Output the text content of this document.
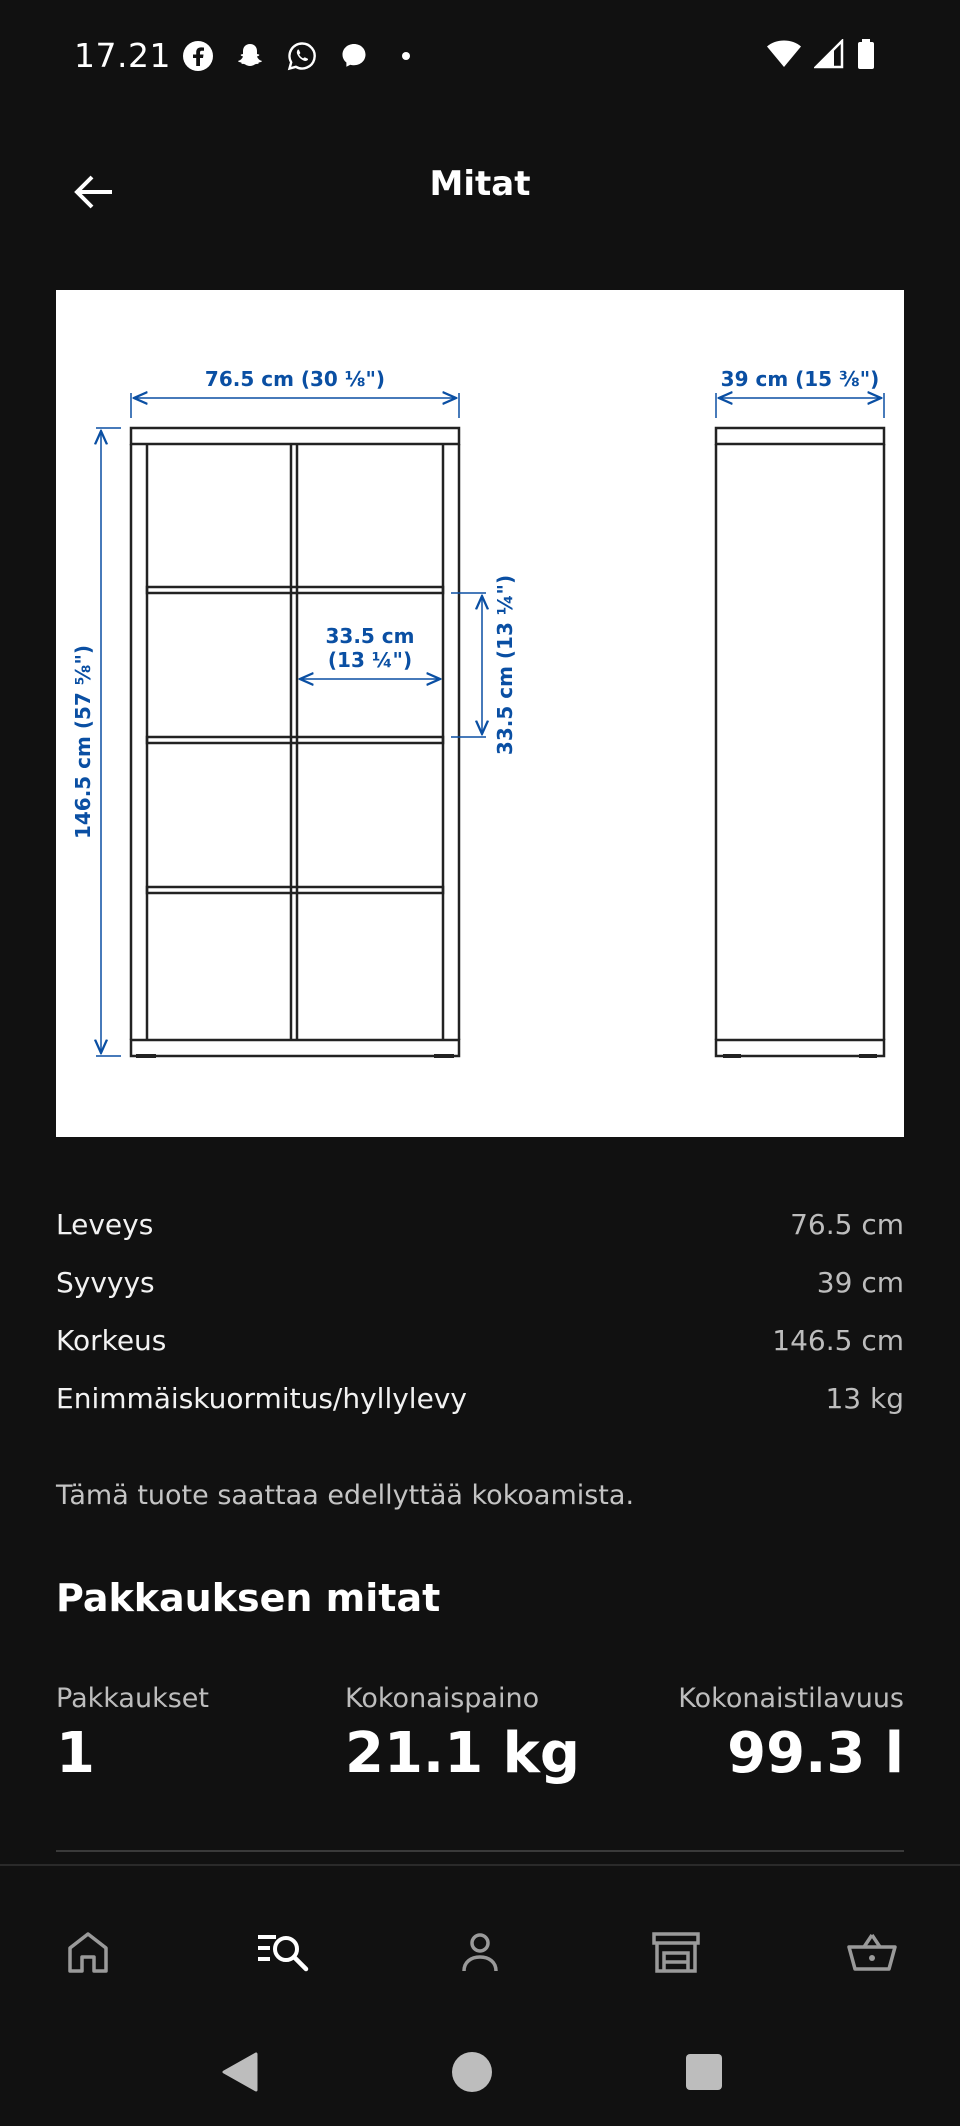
17.21
Mitat
76.5 cm (30 ⅛")	39 cm (15 ⅜")
146.5 cm (57 ⅝")
33.5 cm
(13 ¼")	33.5 cm (13 ¼")
Leveys	76.5 cm
Syvyys	39 cm
Korkeus	146.5 cm
Enimmäiskuormitus/hyllylevy	13 kg
Tämä tuote saattaa edellyttää kokoamista.
Pakkauksen mitat
Pakkaukset
1
Kokonaispaino
21.1 kg
Kokonaistilavuus
99.3 l
